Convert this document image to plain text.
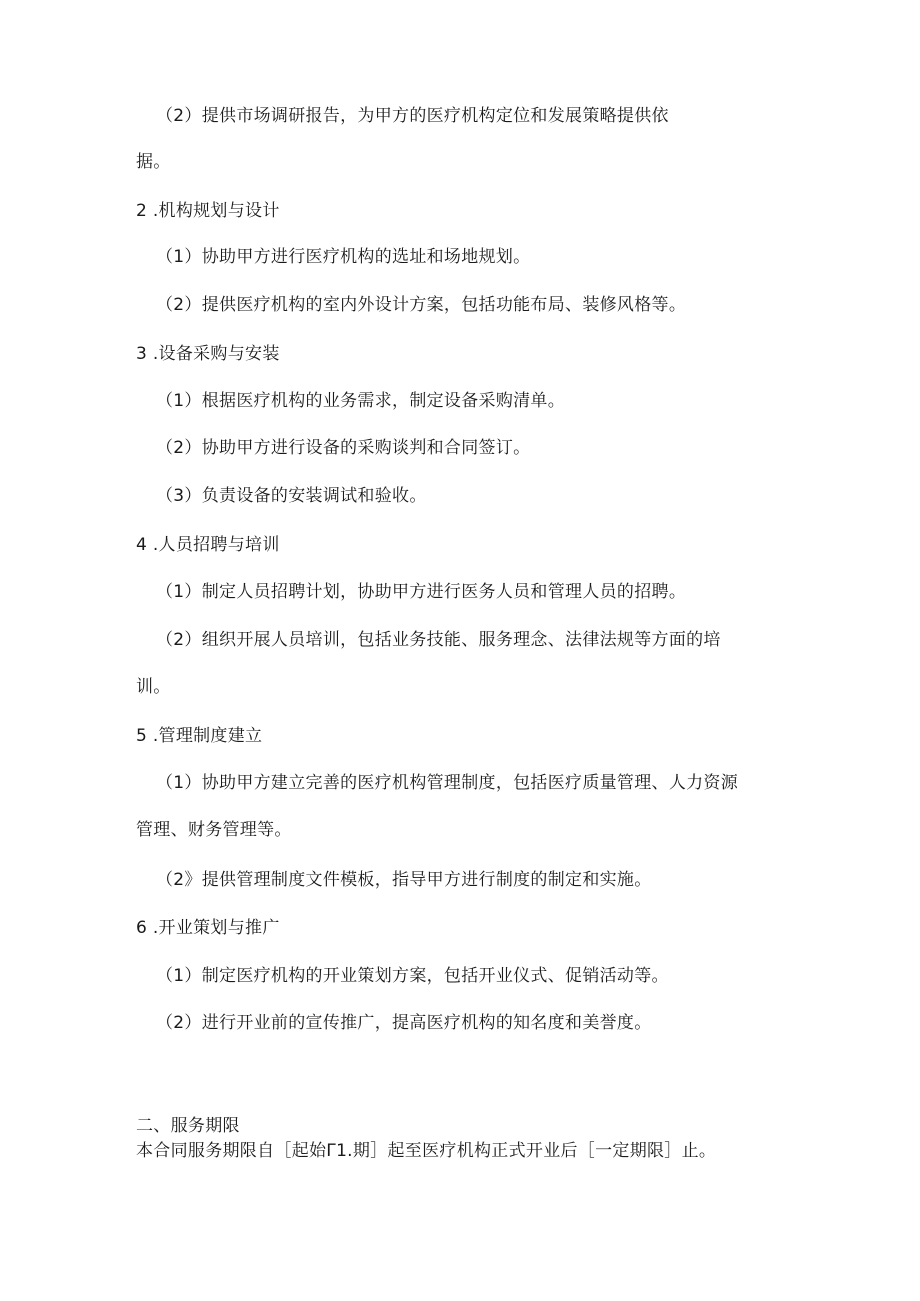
（2）提供市场调研报告，为甲方的医疗机构定位和发展策略提供依
据。
2 .机构规划与设计
（1）协助甲方进行医疗机构的选址和场地规划。
（2）提供医疗机构的室内外设计方案，包括功能布局、装修风格等。
3 .设备采购与安装
（1）根据医疗机构的业务需求，制定设备采购清单。
（2）协助甲方进行设备的采购谈判和合同签订。
（3）负责设备的安装调试和验收。
4 .人员招聘与培训
（1）制定人员招聘计划，协助甲方进行医务人员和管理人员的招聘。
（2）组织开展人员培训，包括业务技能、服务理念、法律法规等方面的培
训。
5 .管理制度建立
（1）协助甲方建立完善的医疗机构管理制度，包括医疗质量管理、人力资源
管理、财务管理等。
（2》提供管理制度文件模板，指导甲方进行制度的制定和实施。
6 .开业策划与推广
（1）制定医疗机构的开业策划方案，包括开业仪式、促销活动等。
（2）进行开业前的宣传推广，提高医疗机构的知名度和美誉度。
二、服务期限
本合同服务期限自［起始Γ1.期］起至医疗机构正式开业后［一定期限］止。
